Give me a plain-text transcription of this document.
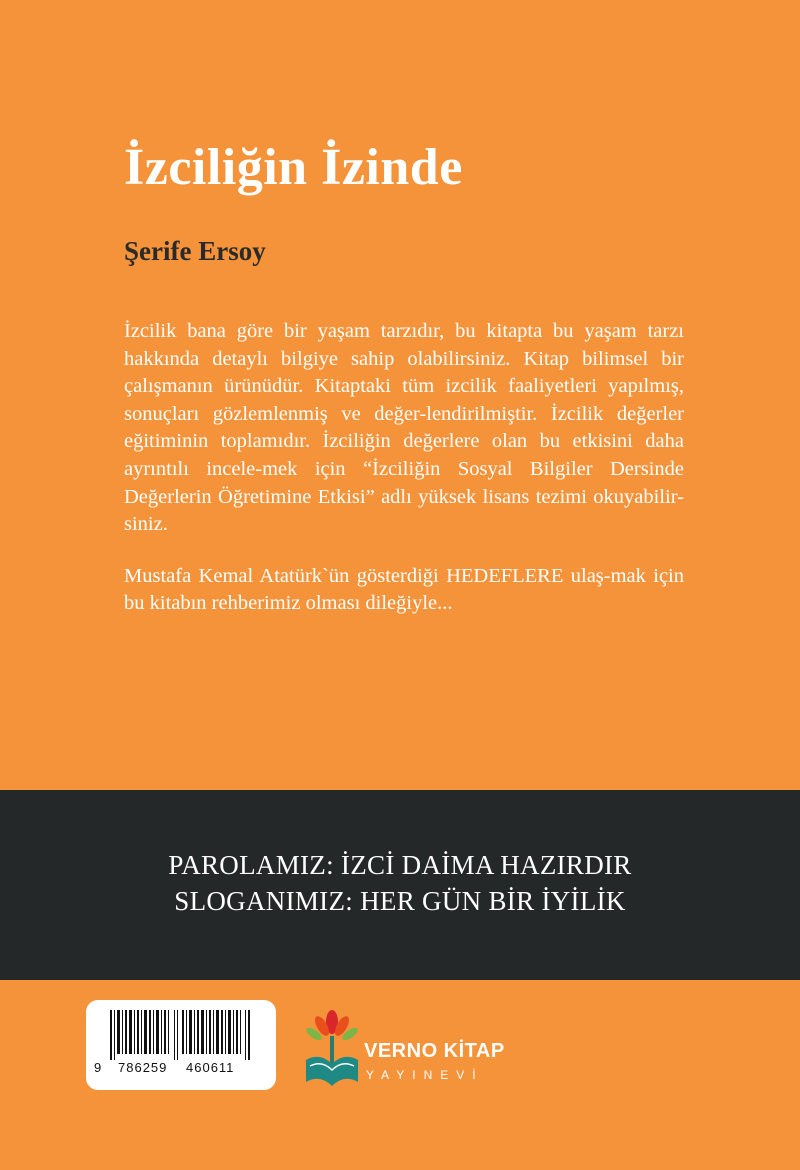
İzciliğin İzinde
Şerife Ersoy

İzcilik bana göre bir yaşam tarzıdır, bu kitapta bu yaşam tarzı hakkında detaylı bilgiye sahip olabilirsiniz. Kitap bilimsel bir çalışmanın ürünüdür. Kitaptaki tüm izcilik faaliyetleri yapılmış, sonuçları gözlemlenmiş ve değer-lendirilmiştir. İzcilik değerler eğitiminin toplamıdır. İzciliğin değerlere olan bu etkisini daha ayrıntılı incele-mek için “İzciliğin Sosyal Bilgiler Dersinde Değerlerin Öğretimine Etkisi” adlı yüksek lisans tezimi okuyabilir-siniz.

Mustafa Kemal Atatürk`ün gösterdiği HEDEFLERE ulaş-mak için bu kitabın rehberimiz olması dileğiyle...

PAROLAMIZ: İZCİ DAİMA HAZIRDIR
SLOGANIMIZ: HER GÜN BİR İYİLİK
9 786259 460611
VERNO KİTAP
YAYINEVİ
